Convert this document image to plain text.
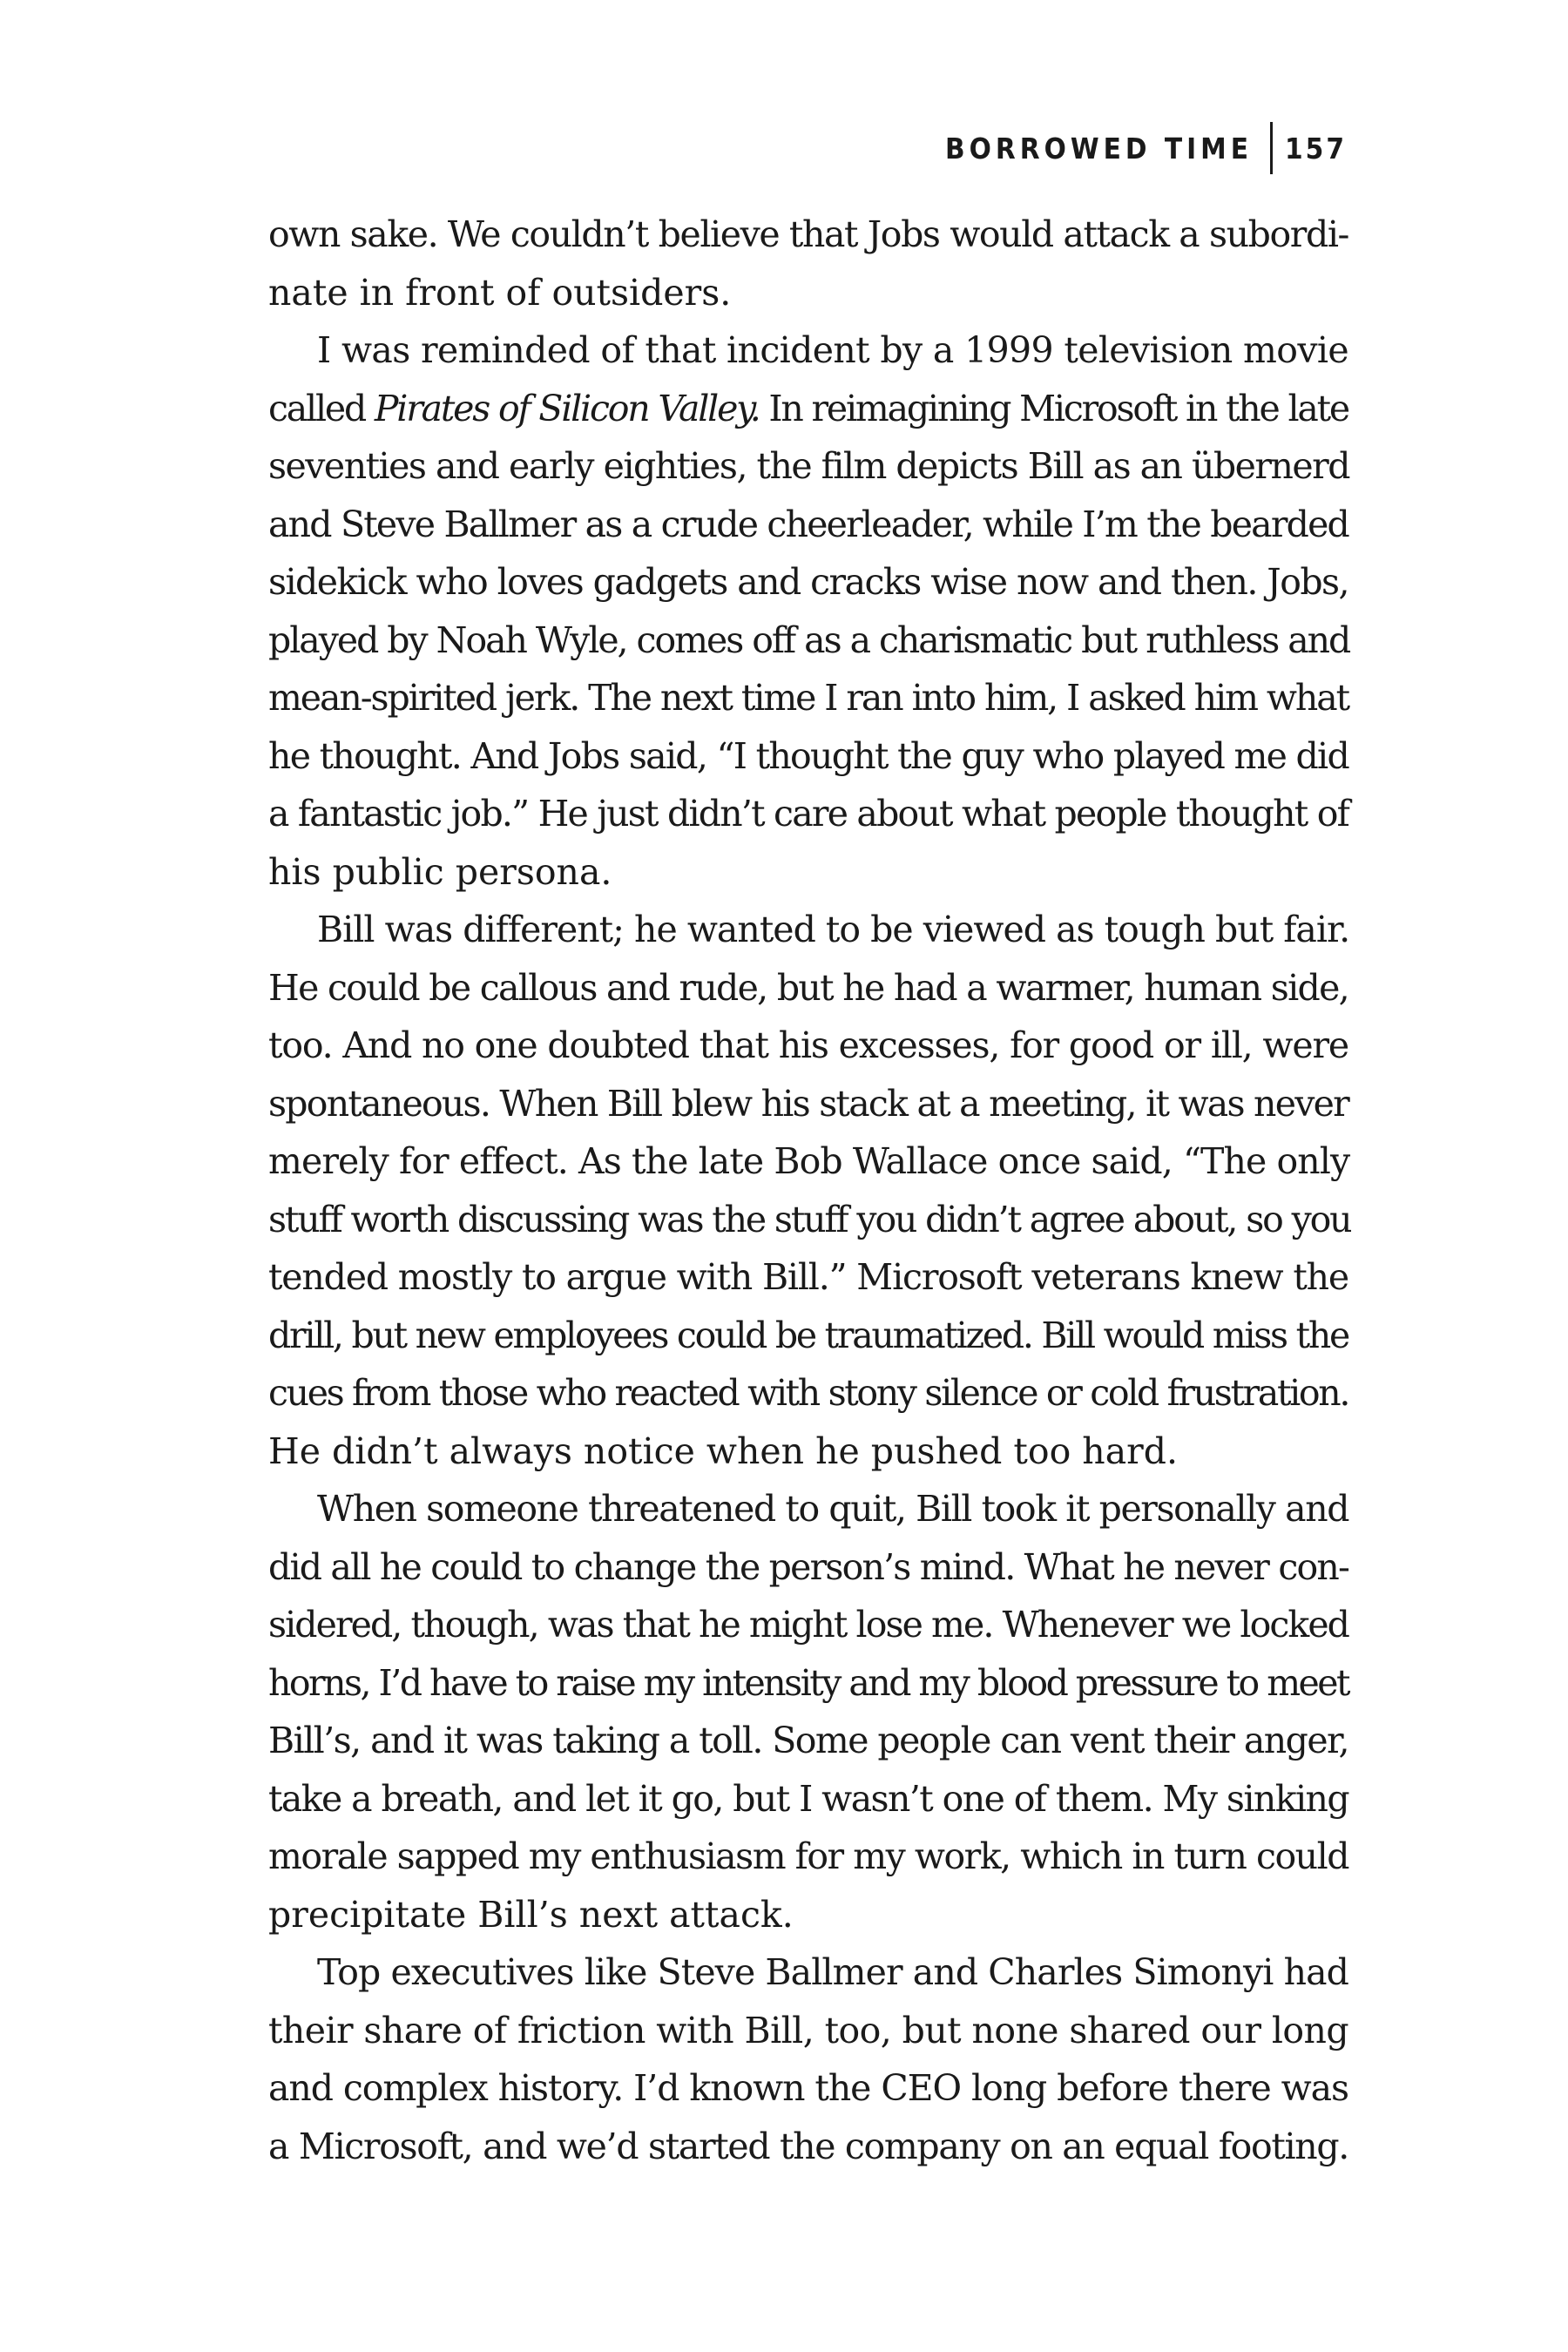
BORROWED TIME 157
own sake. We couldn’t believe that Jobs would attack a subordi-
nate in front of outsiders.
I was reminded of that incident by a 1999 television movie
called Pirates of Silicon Valley. In reimagining Microsoft in the late
seventies and early eighties, the film depicts Bill as an übernerd
and Steve Ballmer as a crude cheerleader, while I’m the bearded
sidekick who loves gadgets and cracks wise now and then. Jobs,
played by Noah Wyle, comes off as a charismatic but ruthless and
mean-spirited jerk. The next time I ran into him, I asked him what
he thought. And Jobs said, “I thought the guy who played me did
a fantastic job.” He just didn’t care about what people thought of
his public persona.
Bill was different; he wanted to be viewed as tough but fair.
He could be callous and rude, but he had a warmer, human side,
too. And no one doubted that his excesses, for good or ill, were
spontaneous. When Bill blew his stack at a meeting, it was never
merely for effect. As the late Bob Wallace once said, “The only
stuff worth discussing was the stuff you didn’t agree about, so you
tended mostly to argue with Bill.” Microsoft veterans knew the
drill, but new employees could be traumatized. Bill would miss the
cues from those who reacted with stony silence or cold frustration.
He didn’t always notice when he pushed too hard.
When someone threatened to quit, Bill took it personally and
did all he could to change the person’s mind. What he never con-
sidered, though, was that he might lose me. Whenever we locked
horns, I’d have to raise my intensity and my blood pressure to meet
Bill’s, and it was taking a toll. Some people can vent their anger,
take a breath, and let it go, but I wasn’t one of them. My sinking
morale sapped my enthusiasm for my work, which in turn could
precipitate Bill’s next attack.
Top executives like Steve Ballmer and Charles Simonyi had
their share of friction with Bill, too, but none shared our long
and complex history. I’d known the CEO long before there was
a Microsoft, and we’d started the company on an equal footing.
